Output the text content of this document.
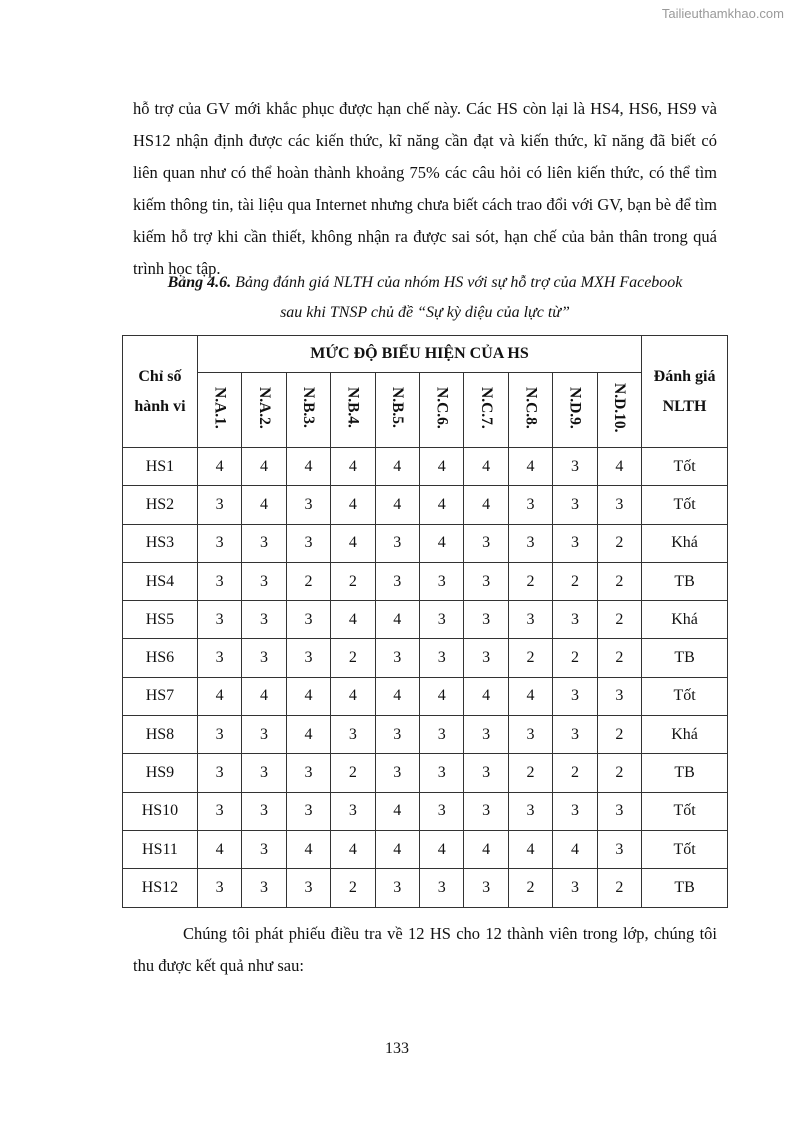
Tailieuthamkhao.com

hỗ trợ của GV mới khắc phục được hạn chế này. Các HS còn lại là HS4, HS6, HS9 và HS12 nhận định được các kiến thức, kĩ năng cần đạt và kiến thức, kĩ năng đã biết có liên quan như có thể hoàn thành khoảng 75% các câu hỏi có liên kiến thức, có thể tìm kiếm thông tin, tài liệu qua Internet nhưng chưa biết cách trao đổi với GV, bạn bè để tìm kiếm hỗ trợ khi cần thiết, không nhận ra được sai sót, hạn chế của bản thân trong quá trình học tập.

Bảng 4.6. Bảng đánh giá NLTH của nhóm HS với sự hỗ trợ của MXH Facebook
sau khi TNSP chủ đề “Sự kỳ diệu của lực từ”
Chỉ số hành vi	MỨC ĐỘ BIỂU HIỆN CỦA HS										Đánh giá NLTH
	N.A.1.	N.A.2.	N.B.3.	N.B.4.	N.B.5.	N.C.6.	N.C.7.	N.C.8.	N.D.9.	N.D.10.	
HS1	4	4	4	4	4	4	4	4	3	4	Tốt
HS2	3	4	3	4	4	4	4	3	3	3	Tốt
HS3	3	3	3	4	3	4	3	3	3	2	Khá
HS4	3	3	2	2	3	3	3	2	2	2	TB
HS5	3	3	3	4	4	3	3	3	3	2	Khá
HS6	3	3	3	2	3	3	3	2	2	2	TB
HS7	4	4	4	4	4	4	4	4	3	3	Tốt
HS8	3	3	4	3	3	3	3	3	3	2	Khá
HS9	3	3	3	2	3	3	3	2	2	2	TB
HS10	3	3	3	3	4	3	3	3	3	3	Tốt
HS11	4	3	4	4	4	4	4	4	4	3	Tốt
HS12	3	3	3	2	3	3	3	2	3	2	TB

Chúng tôi phát phiếu điều tra về 12 HS cho 12 thành viên trong lớp, chúng tôi thu được kết quả như sau:

133
